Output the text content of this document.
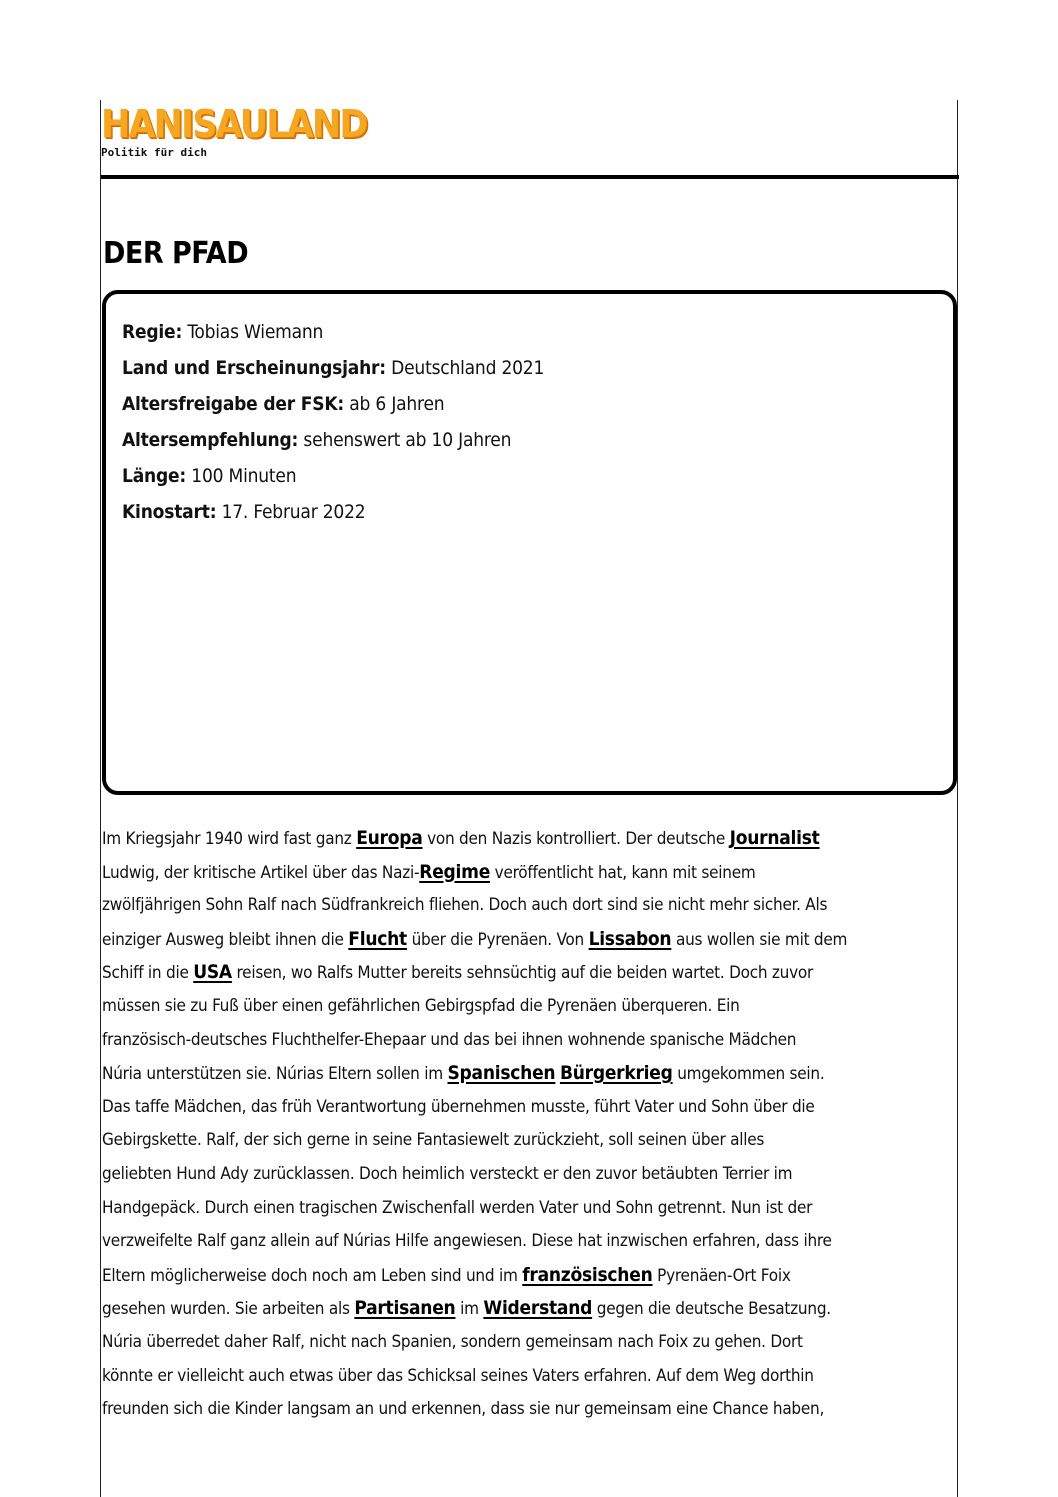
HANISAULAND
Politik für dich
DER PFAD
Regie: Tobias Wiemann
Land und Erscheinungsjahr: Deutschland 2021
Altersfreigabe der FSK: ab 6 Jahren
Altersempfehlung: sehenswert ab 10 Jahren
Länge: 100 Minuten
Kinostart: 17. Februar 2022
Im Kriegsjahr 1940 wird fast ganz Europa von den Nazis kontrolliert. Der deutsche Journalist
Ludwig, der kritische Artikel über das Nazi-Regime veröffentlicht hat, kann mit seinem
zwölfjährigen Sohn Ralf nach Südfrankreich fliehen. Doch auch dort sind sie nicht mehr sicher. Als
einziger Ausweg bleibt ihnen die Flucht über die Pyrenäen. Von Lissabon aus wollen sie mit dem
Schiff in die USA reisen, wo Ralfs Mutter bereits sehnsüchtig auf die beiden wartet. Doch zuvor
müssen sie zu Fuß über einen gefährlichen Gebirgspfad die Pyrenäen überqueren. Ein
französisch-deutsches Fluchthelfer-Ehepaar und das bei ihnen wohnende spanische Mädchen
Núria unterstützen sie. Núrias Eltern sollen im Spanischen Bürgerkrieg umgekommen sein.
Das taffe Mädchen, das früh Verantwortung übernehmen musste, führt Vater und Sohn über die
Gebirgskette. Ralf, der sich gerne in seine Fantasiewelt zurückzieht, soll seinen über alles
geliebten Hund Ady zurücklassen. Doch heimlich versteckt er den zuvor betäubten Terrier im
Handgepäck. Durch einen tragischen Zwischenfall werden Vater und Sohn getrennt. Nun ist der
verzweifelte Ralf ganz allein auf Núrias Hilfe angewiesen. Diese hat inzwischen erfahren, dass ihre
Eltern möglicherweise doch noch am Leben sind und im französischen Pyrenäen-Ort Foix
gesehen wurden. Sie arbeiten als Partisanen im Widerstand gegen die deutsche Besatzung.
Núria überredet daher Ralf, nicht nach Spanien, sondern gemeinsam nach Foix zu gehen. Dort
könnte er vielleicht auch etwas über das Schicksal seines Vaters erfahren. Auf dem Weg dorthin
freunden sich die Kinder langsam an und erkennen, dass sie nur gemeinsam eine Chance haben,
